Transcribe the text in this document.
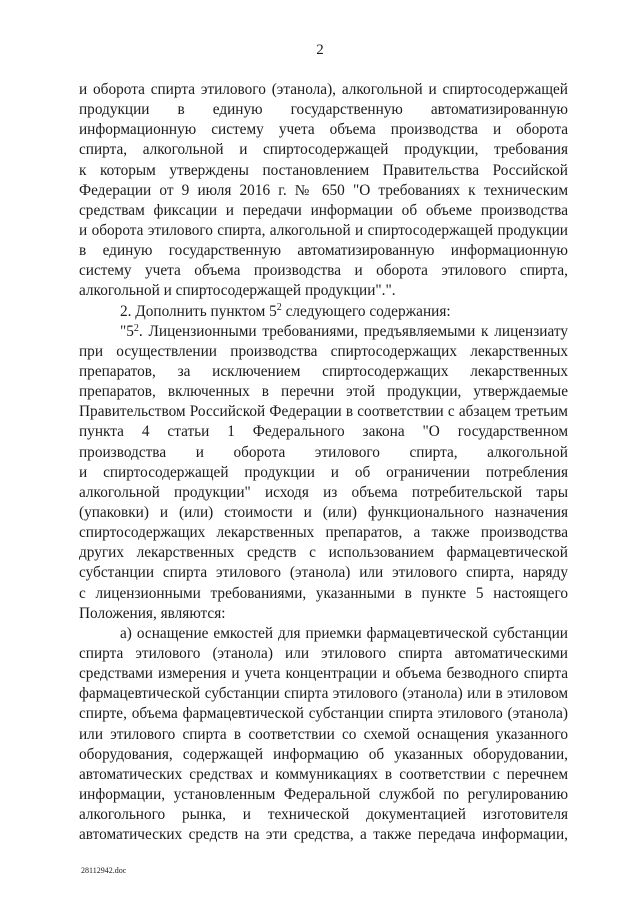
2
и оборота спирта этилового (этанола), алкогольной и спиртосодержащей
продукции в единую государственную автоматизированную
информационную систему учета объема производства и оборота
спирта, алкогольной и спиртосодержащей продукции, требования
к которым утверждены постановлением Правительства Российской
Федерации от 9 июля 2016 г. № 650 "О требованиях к техническим
средствам фиксации и передачи информации об объеме производства
и оборота этилового спирта, алкогольной и спиртосодержащей продукции
в единую государственную автоматизированную информационную
систему учета объема производства и оборота этилового спирта,
алкогольной и спиртосодержащей продукции".".
2. Дополнить пунктом $5^2$ следующего содержания:
"$5^2$. Лицензионными требованиями, предъявляемыми к лицензиату
при осуществлении производства спиртосодержащих лекарственных
препаратов, за исключением спиртосодержащих лекарственных
препаратов, включенных в перечни этой продукции, утверждаемые
Правительством Российской Федерации в соответствии с абзацем третьим
пункта 4 статьи 1 Федерального закона "О государственном
производства и оборота этилового спирта, алкогольной
и спиртосодержащей продукции и об ограничении потребления
алкогольной продукции" исходя из объема потребительской тары
(упаковки) и (или) стоимости и (или) функционального назначения
спиртосодержащих лекарственных препаратов, а также производства
других лекарственных средств с использованием фармацевтической
субстанции спирта этилового (этанола) или этилового спирта, наряду
с лицензионными требованиями, указанными в пункте 5 настоящего
Положения, являются:
а) оснащение емкостей для приемки фармацевтической субстанции
спирта этилового (этанола) или этилового спирта автоматическими
средствами измерения и учета концентрации и объема безводного спирта
фармацевтической субстанции спирта этилового (этанола) или в этиловом
спирте, объема фармацевтической субстанции спирта этилового (этанола)
или этилового спирта в соответствии со схемой оснащения указанного
оборудования, содержащей информацию об указанных оборудовании,
автоматических средствах и коммуникациях в соответствии с перечнем
информации, установленным Федеральной службой по регулированию
алкогольного рынка, и технической документацией изготовителя
автоматических средств на эти средства, а также передача информации,
28112942.doc
